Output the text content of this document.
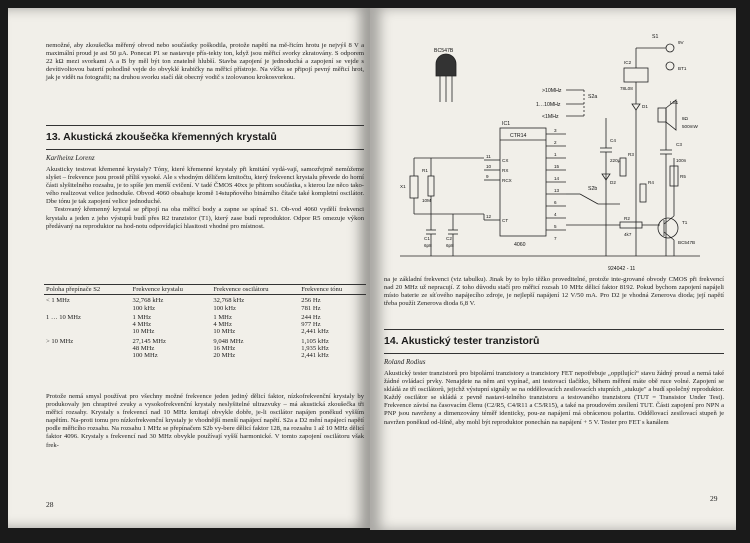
nemožné, aby zkoušečka měřený obvod nebo součástky poškodila, protože napětí na mě-řicím hrotu je nejvýš 8 V a maximální proud je asi 50 µA. Ponecat P1 se nastavuje přís-tekty ton, když jsou měřicí svorky zkratovány. S odporem 22 kΩ mezi svorkami A a B by měl být ton znatelně hlubší. Stavba zapojení je jednoduchá a zapojení se vejde s devítivoltovou baterií pohodlně vejde do obvyklé krabičky na měřicí přístroje. Na víčku se připojí pevný měřicí hrot, jak je vidět na fotografii; na druhou svorku stačí dát obecný vodič s izolovanou krokosvorkou.

13. Akustická zkoušečka křemenných krystalů
Karlheinz Lorenz

Akusticky testovat křemenné krystaly? Tóny, které křemenné krystaly při kmitání vydá-vají, samozřejmě nemůžeme slyšet – frekvence jsou prostě příliš vysoké. Ale s vhodným děličem kmitočtu, který frekvenci krystalu převede do horní části slyšitelného rozsahu, je to spíše jen menší cvičení. V tadé ČMOS 40xx je přitom součástka, s kterou lze něco tako-vého realizovat velice jednoduše. Obvod 4060 obsahuje kromě 14stupňového binárního čítače také kompletní oscilátor. Dbe tónu je tak zapojení velice jednoduché.

Testovaný křemenný krystal se připojí na oba měřicí body a zapne se spínač S1. Ob-vod 4060 vydělí frekvenci krystalu a jeden z jeho výstupů budí přes R2 tranzistor (T1), který zase budí reproduktor. Odpor R5 omezuje výkon předávaný na reproduktor na hod-notu odpovídající hlasitosti vhodné pro místnost.

Poloha přepínače S2	Frekvence krystalu	Frekvence oscilátoru	Frekvence tónu
< 1 MHz	32,768 kHz	32,768 kHz	256 Hz
	100 kHz	100 kHz	781 Hz
1 … 10 MHz	1 MHz	1 MHz	244 Hz
	4 MHz	4 MHz	977 Hz
	10 MHz	10 MHz	2,441 kHz
> 10 MHz	27,145 MHz	9,048 MHz	1,105 kHz
	48 MHz	16 MHz	1,935 kHz
	100 MHz	20 MHz	2,441 kHz

Protože nemá smysl používat pro všechny možné frekvence jeden jediný dělicí faktor, nízkofrekvenční krystaly by produkovaly jen chraptivé zvuky a vysokofrekvenční krystaly neslyšitelné ultrazvuky – má akustická zkoušečka tři měřicí rozsahy. Krystaly s frekvencí nad 10 MHz kmitají obvykle dobře, je-li oscilátor napájen poněkud vyšším napětím. Na-proti tomu pro nízkofrekvenční krystaly je vhodnější menší napájecí napětí. S2a a D2 mění napájecí napětí podle měřicího rozsahu. Na rozsahu 1 MHz se přepínačem S2b vy-bere dělicí faktor 128, na rozsahu 1 až 10 MHz dělicí faktor 4096. Krystaly s frekvencí nad 30 MHz obvykle používají vyšší harmonické. V tomto zapojení oscilátoru však frek-

28
BC547B
IC1
CTR14
4060
>10MHz
1…10MHz
<1MHz
S2a
S2b
S1
924042 - 11
11
CX
10
RX
9
RCX
12
CT
3
2
1
15
14
13
6
4
5
7
X1
R1
10M
C1
6p8
C2
6p8
IC2
78L08
D1
D2
C3
100n
C4
220µ
R2
4k7
R3
R4
R5
T1
BC547B
LS1
8Ω
500mW
9V
BT1

na je základní frekvenci (viz tabulku). Jinak by to bylo těžko proveditelné, protože inte-grované obvody CMOS při frekvencí nad 20 MHz už nepracují. Z toho důvodu stačí pro měřicí rozsah 10 MHz dělicí faktor 8192. Pokud bychom zapojení napájeli místo baterie ze síťového napájecího zdroje, je nejlepší napájení 12 V/50 mA. Pro D2 je vhodná Zenerova dioda; její napětí třeba použít Zenerova dioda 6,8 V.

14. Akustický tester tranzistorů
Roland Rodius

Akustický tester tranzistorů pro bipolární tranzistory a tranzistory FET nepotřebuje „oppilující“ stavu žádný proud a nemá také žádné ovládací prvky. Nenajdete na něm ani vypínač, ani testovací tlačítko, během měření máte obě ruce volné. Zapojení se skládá ze tří oscilátorů, jejichž výstupní signály se na oddělovacích zesilovacích stupních „stukuje" a budí společný reproduktor. Každý oscilátor se skládá z pevně nastavi-telného tranzistoru a testovaného tranzistoru (TUT = Transistor Under Test). Frekvence závisí na časovacím členu (C2/R5, C4/R11 a C5/R15), a také na proudovém zesílení TUT. Části zapojení pro NPN a PNP jsou navrženy a dimenzovány téměř identicky, pou-ze napájení má obrácenou polaritu. Oddělovací zesilovací stupeň je navržen poněkud od-lišně, aby mohl být reproduktor ponechán na napájení + 5 V. Tester pro FET s kanálem

29
